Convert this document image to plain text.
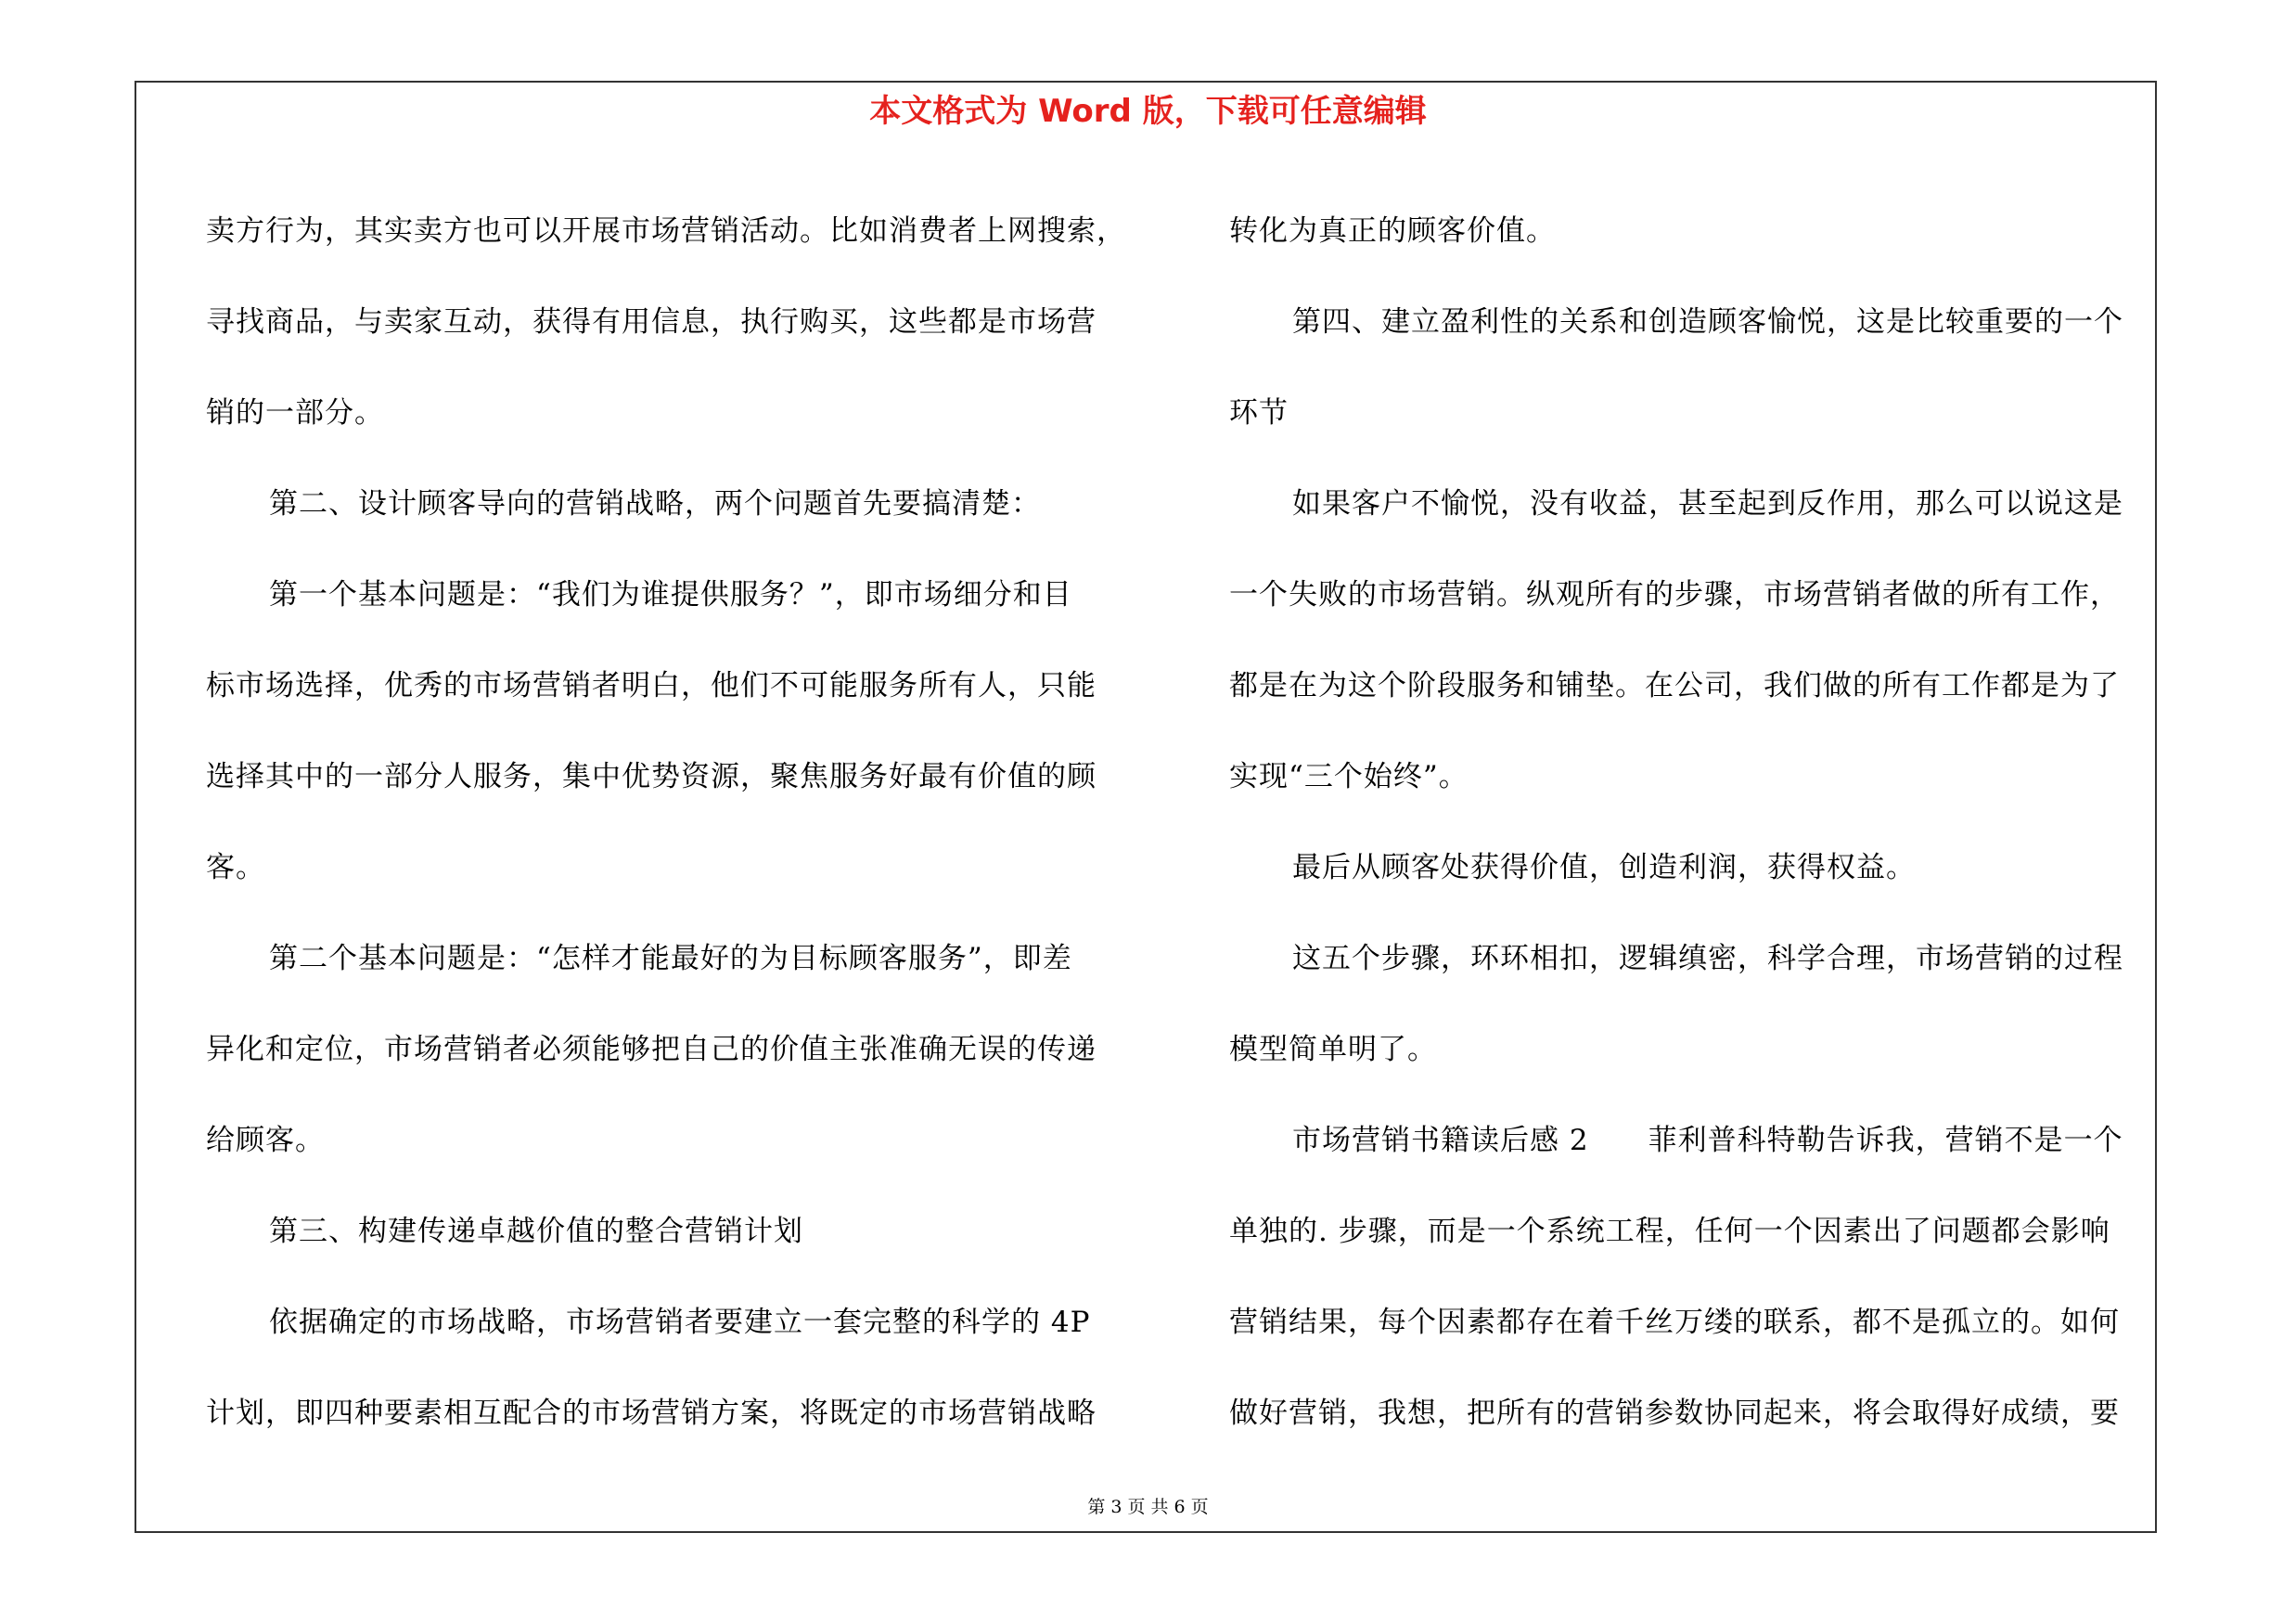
本文格式为 Word 版，下载可任意编辑
卖方行为，其实卖方也可以开展市场营销活动。比如消费者上网搜索，
寻找商品，与卖家互动，获得有用信息，执行购买，这些都是市场营
销的一部分。
第二、设计顾客导向的营销战略，两个问题首先要搞清楚：
第一个基本问题是：“我们为谁提供服务？”，即市场细分和目
标市场选择，优秀的市场营销者明白，他们不可能服务所有人，只能
选择其中的一部分人服务，集中优势资源，聚焦服务好最有价值的顾
客。
第二个基本问题是：“怎样才能最好的为目标顾客服务”，即差
异化和定位，市场营销者必须能够把自己的价值主张准确无误的传递
给顾客。
第三、构建传递卓越价值的整合营销计划
依据确定的市场战略，市场营销者要建立一套完整的科学的 4P
计划，即四种要素相互配合的市场营销方案，将既定的市场营销战略
转化为真正的顾客价值。
第四、建立盈利性的关系和创造顾客愉悦，这是比较重要的一个
环节
如果客户不愉悦，没有收益，甚至起到反作用，那么可以说这是
一个失败的市场营销。纵观所有的步骤，市场营销者做的所有工作，
都是在为这个阶段服务和铺垫。在公司，我们做的所有工作都是为了
实现“三个始终”。
最后从顾客处获得价值，创造利润，获得权益。
这五个步骤，环环相扣，逻辑缜密，科学合理，市场营销的过程
模型简单明了。
市场营销书籍读后感 2　　菲利普科特勒告诉我，营销不是一个
单独的. 步骤，而是一个系统工程，任何一个因素出了问题都会影响
营销结果，每个因素都存在着千丝万缕的联系，都不是孤立的。如何
做好营销，我想，把所有的营销参数协同起来，将会取得好成绩，要
第 3 页 共 6 页
